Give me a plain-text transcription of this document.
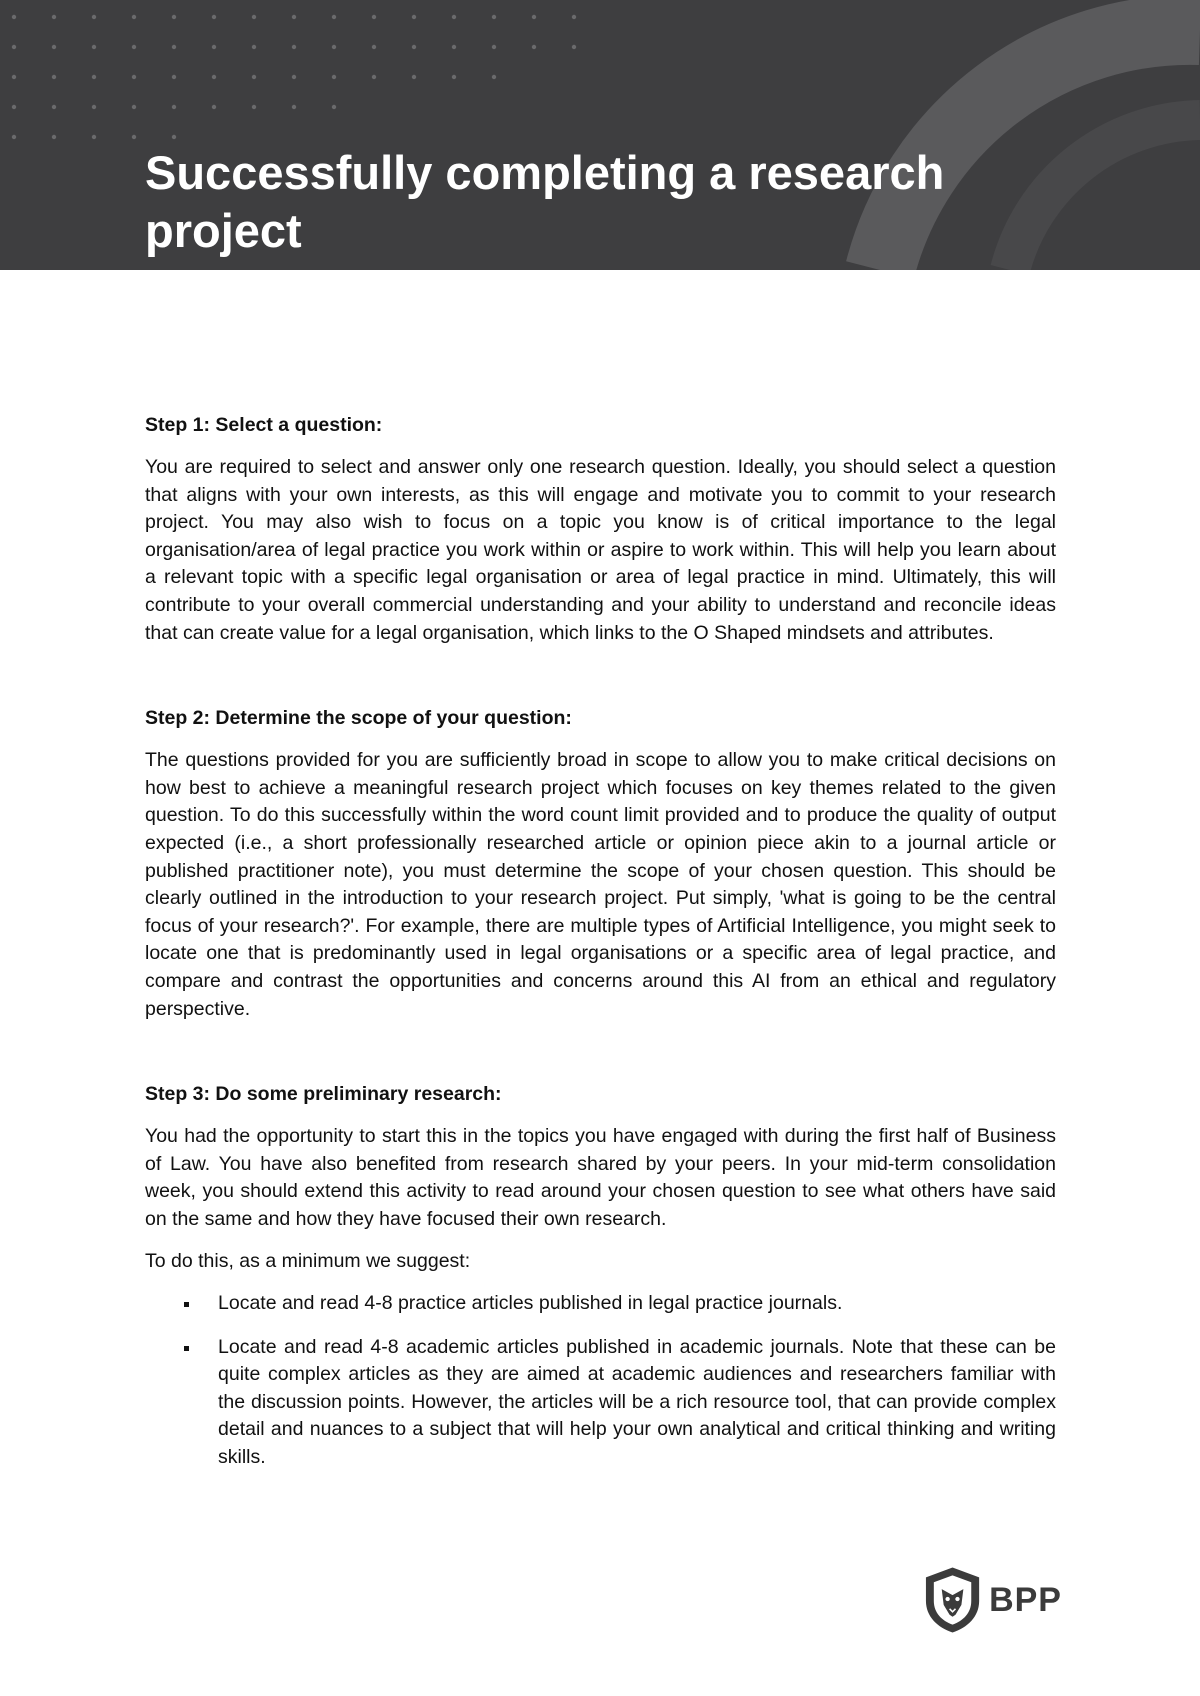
Successfully completing a research project
Step 1: Select a question:

You are required to select and answer only one research question. Ideally, you should select a question that aligns with your own interests, as this will engage and motivate you to commit to your research project. You may also wish to focus on a topic you know is of critical importance to the legal organisation/area of legal practice you work within or aspire to work within. This will help you learn about a relevant topic with a specific legal organisation or area of legal practice in mind. Ultimately, this will contribute to your overall commercial understanding and your ability to understand and reconcile ideas that can create value for a legal organisation, which links to the O Shaped mindsets and attributes.

Step 2: Determine the scope of your question:

The questions provided for you are sufficiently broad in scope to allow you to make critical decisions on how best to achieve a meaningful research project which focuses on key themes related to the given question. To do this successfully within the word count limit provided and to produce the quality of output expected (i.e., a short professionally researched article or opinion piece akin to a journal article or published practitioner note), you must determine the scope of your chosen question. This should be clearly outlined in the introduction to your research project. Put simply, 'what is going to be the central focus of your research?'. For example, there are multiple types of Artificial Intelligence, you might seek to locate one that is predominantly used in legal organisations or a specific area of legal practice, and compare and contrast the opportunities and concerns around this AI from an ethical and regulatory perspective.

Step 3: Do some preliminary research:

You had the opportunity to start this in the topics you have engaged with during the first half of Business of Law. You have also benefited from research shared by your peers. In your mid-term consolidation week, you should extend this activity to read around your chosen question to see what others have said on the same and how they have focused their own research.

To do this, as a minimum we suggest:

Locate and read 4-8 practice articles published in legal practice journals.
Locate and read 4-8 academic articles published in academic journals. Note that these can be quite complex articles as they are aimed at academic audiences and researchers familiar with the discussion points. However, the articles will be a rich resource tool, that can provide complex detail and nuances to a subject that will help your own analytical and critical thinking and writing skills.
BPP
